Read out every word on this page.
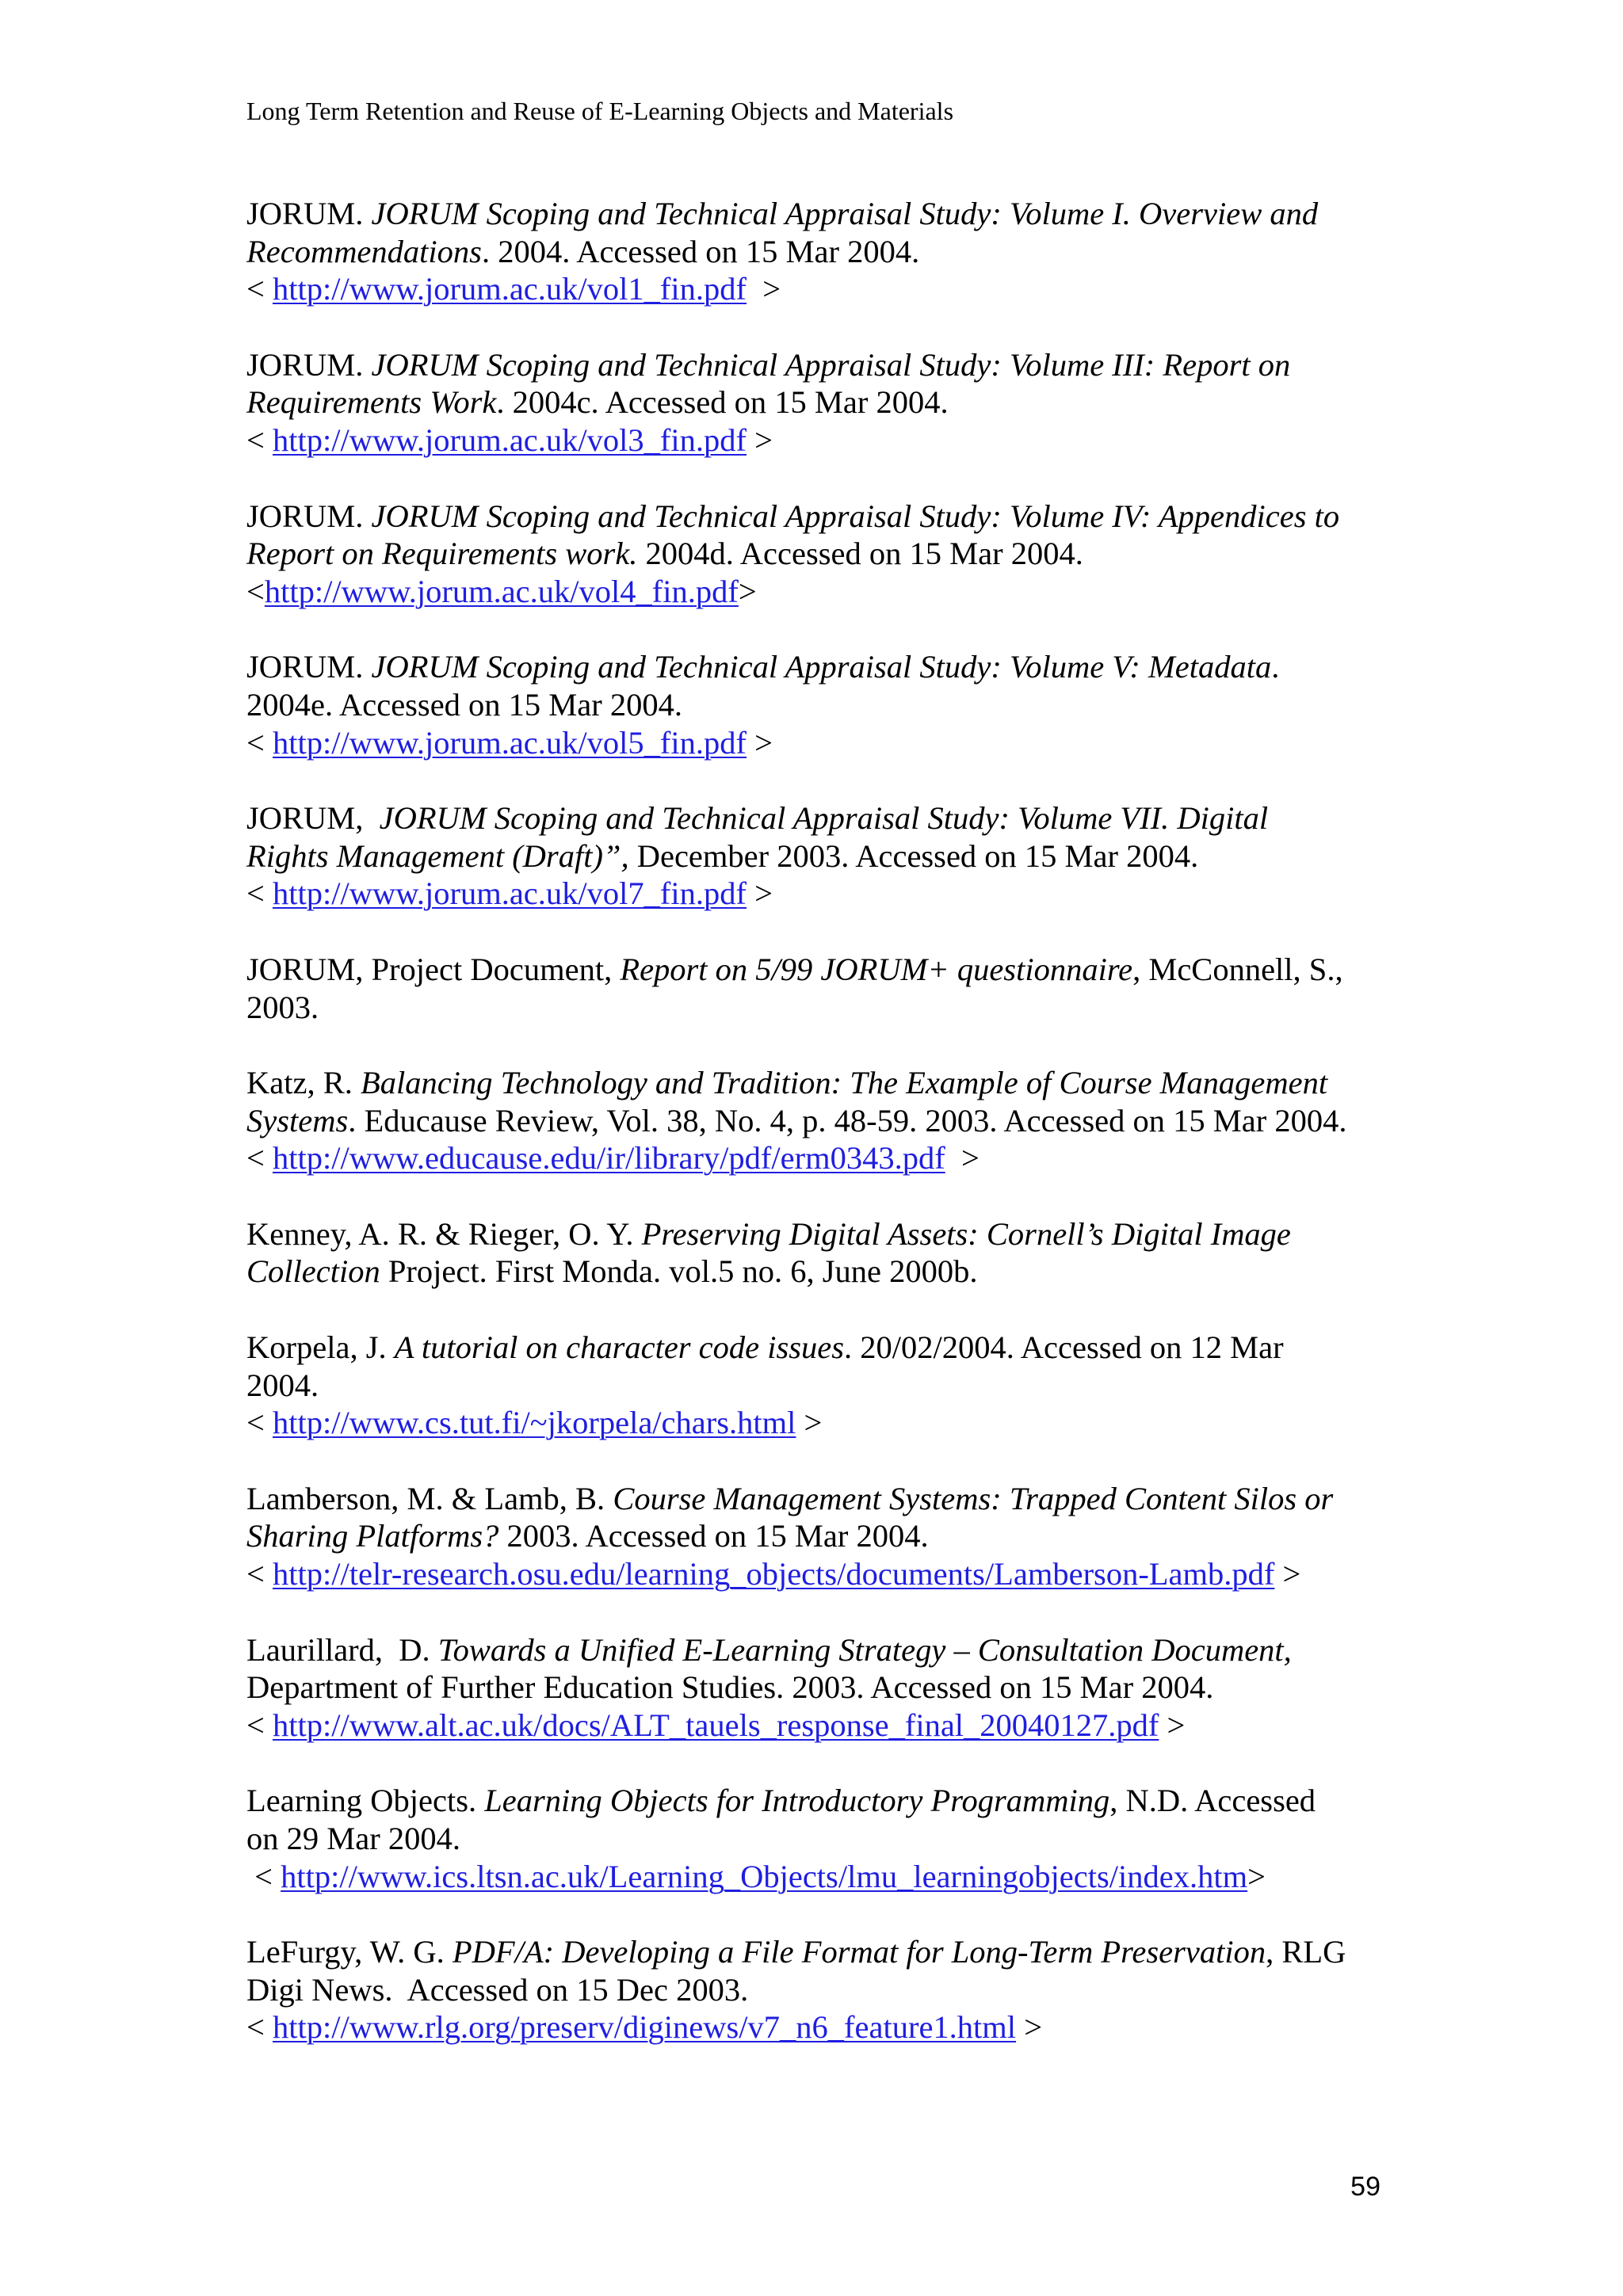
Long Term Retention and Reuse of E-Learning Objects and Materials
JORUM. JORUM Scoping and Technical Appraisal Study: Volume I. Overview and
Recommendations. 2004. Accessed on 15 Mar 2004.
< http://www.jorum.ac.uk/vol1_fin.pdf  >
JORUM. JORUM Scoping and Technical Appraisal Study: Volume III: Report on
Requirements Work. 2004c. Accessed on 15 Mar 2004.
< http://www.jorum.ac.uk/vol3_fin.pdf >
JORUM. JORUM Scoping and Technical Appraisal Study: Volume IV: Appendices to
Report on Requirements work. 2004d. Accessed on 15 Mar 2004.
<http://www.jorum.ac.uk/vol4_fin.pdf>
JORUM. JORUM Scoping and Technical Appraisal Study: Volume V: Metadata.
2004e. Accessed on 15 Mar 2004.
< http://www.jorum.ac.uk/vol5_fin.pdf >
JORUM,  JORUM Scoping and Technical Appraisal Study: Volume VII. Digital
Rights Management (Draft)”, December 2003. Accessed on 15 Mar 2004.
< http://www.jorum.ac.uk/vol7_fin.pdf >
JORUM, Project Document, Report on 5/99 JORUM+ questionnaire, McConnell, S.,
2003.
Katz, R. Balancing Technology and Tradition: The Example of Course Management
Systems. Educause Review, Vol. 38, No. 4, p. 48-59. 2003. Accessed on 15 Mar 2004.
< http://www.educause.edu/ir/library/pdf/erm0343.pdf  >
Kenney, A. R. & Rieger, O. Y. Preserving Digital Assets: Cornell’s Digital Image
Collection Project. First Monda. vol.5 no. 6, June 2000b.
Korpela, J. A tutorial on character code issues. 20/02/2004. Accessed on 12 Mar
2004.
< http://www.cs.tut.fi/~jkorpela/chars.html >
Lamberson, M. & Lamb, B. Course Management Systems: Trapped Content Silos or
Sharing Platforms? 2003. Accessed on 15 Mar 2004.
< http://telr-research.osu.edu/learning_objects/documents/Lamberson-Lamb.pdf >
Laurillard,  D. Towards a Unified E-Learning Strategy – Consultation Document,
Department of Further Education Studies. 2003. Accessed on 15 Mar 2004.
< http://www.alt.ac.uk/docs/ALT_tauels_response_final_20040127.pdf >
Learning Objects. Learning Objects for Introductory Programming, N.D. Accessed
on 29 Mar 2004.
< http://www.ics.ltsn.ac.uk/Learning_Objects/lmu_learningobjects/index.htm>
LeFurgy, W. G. PDF/A: Developing a File Format for Long-Term Preservation, RLG
Digi News.  Accessed on 15 Dec 2003.
< http://www.rlg.org/preserv/diginews/v7_n6_feature1.html >
59
